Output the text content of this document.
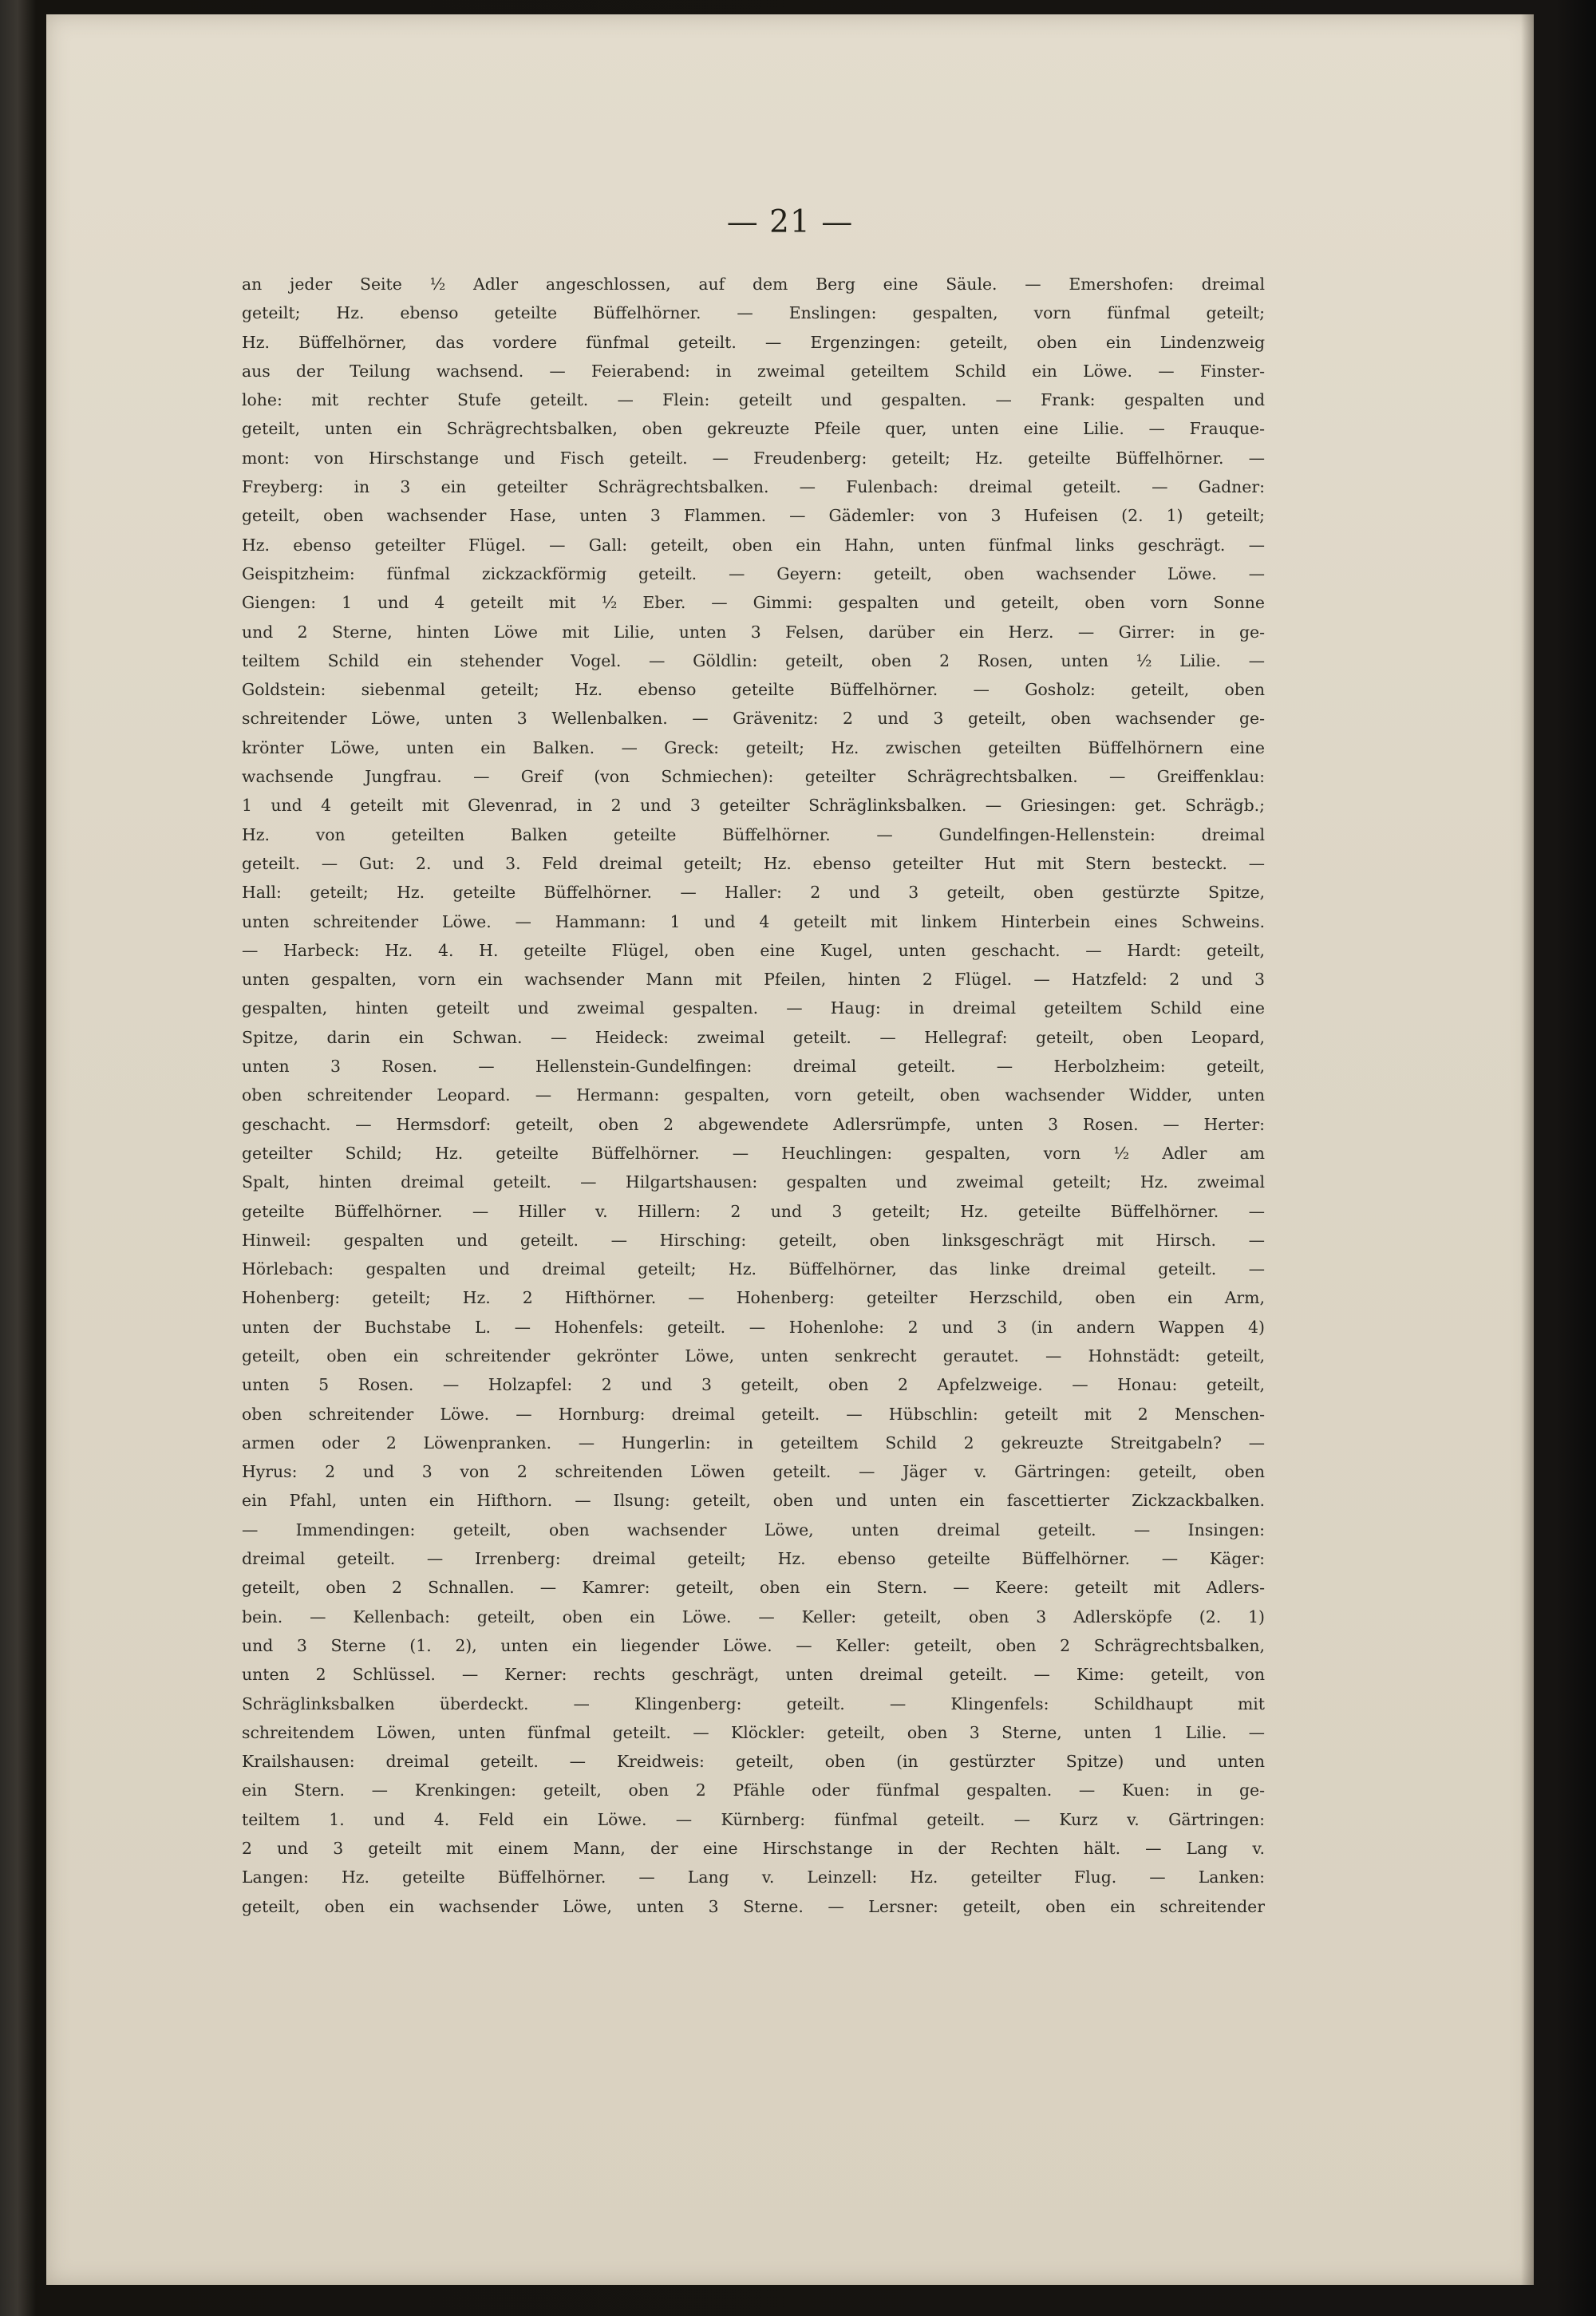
— 21 —
an jeder Seite ½ Adler angeschlossen, auf dem Berg eine Säule. — Emershofen: dreimal
geteilt; Hz. ebenso geteilte Büffelhörner. — Enslingen: gespalten, vorn fünfmal geteilt;
Hz. Büffelhörner, das vordere fünfmal geteilt. — Ergenzingen: geteilt, oben ein Lindenzweig
aus der Teilung wachsend. — Feierabend: in zweimal geteiltem Schild ein Löwe. — Finster-
lohe: mit rechter Stufe geteilt. — Flein: geteilt und gespalten. — Frank: gespalten und
geteilt, unten ein Schrägrechtsbalken, oben gekreuzte Pfeile quer, unten eine Lilie. — Frauque-
mont: von Hirschstange und Fisch geteilt. — Freudenberg: geteilt; Hz. geteilte Büffelhörner. —
Freyberg: in 3 ein geteilter Schrägrechtsbalken. — Fulenbach: dreimal geteilt. — Gadner:
geteilt, oben wachsender Hase, unten 3 Flammen. — Gädemler: von 3 Hufeisen (2. 1) geteilt;
Hz. ebenso geteilter Flügel. — Gall: geteilt, oben ein Hahn, unten fünfmal links geschrägt. —
Geispitzheim: fünfmal zickzackförmig geteilt. — Geyern: geteilt, oben wachsender Löwe. —
Giengen: 1 und 4 geteilt mit ½ Eber. — Gimmi: gespalten und geteilt, oben vorn Sonne
und 2 Sterne, hinten Löwe mit Lilie, unten 3 Felsen, darüber ein Herz. — Girrer: in ge-
teiltem Schild ein stehender Vogel. — Göldlin: geteilt, oben 2 Rosen, unten ½ Lilie. —
Goldstein: siebenmal geteilt; Hz. ebenso geteilte Büffelhörner. — Gosholz: geteilt, oben
schreitender Löwe, unten 3 Wellenbalken. — Grävenitz: 2 und 3 geteilt, oben wachsender ge-
krönter Löwe, unten ein Balken. — Greck: geteilt; Hz. zwischen geteilten Büffelhörnern eine
wachsende Jungfrau. — Greif (von Schmiechen): geteilter Schrägrechtsbalken. — Greiffenklau:
1 und 4 geteilt mit Glevenrad, in 2 und 3 geteilter Schräglinksbalken. — Griesingen: get. Schrägb.;
Hz. von geteilten Balken geteilte Büffelhörner. — Gundelfingen-Hellenstein: dreimal
geteilt. — Gut: 2. und 3. Feld dreimal geteilt; Hz. ebenso geteilter Hut mit Stern besteckt. —
Hall: geteilt; Hz. geteilte Büffelhörner. — Haller: 2 und 3 geteilt, oben gestürzte Spitze,
unten schreitender Löwe. — Hammann: 1 und 4 geteilt mit linkem Hinterbein eines Schweins.
— Harbeck: Hz. 4. H. geteilte Flügel, oben eine Kugel, unten geschacht. — Hardt: geteilt,
unten gespalten, vorn ein wachsender Mann mit Pfeilen, hinten 2 Flügel. — Hatzfeld: 2 und 3
gespalten, hinten geteilt und zweimal gespalten. — Haug: in dreimal geteiltem Schild eine
Spitze, darin ein Schwan. — Heideck: zweimal geteilt. — Hellegraf: geteilt, oben Leopard,
unten 3 Rosen. — Hellenstein-Gundelfingen: dreimal geteilt. — Herbolzheim: geteilt,
oben schreitender Leopard. — Hermann: gespalten, vorn geteilt, oben wachsender Widder, unten
geschacht. — Hermsdorf: geteilt, oben 2 abgewendete Adlersrümpfe, unten 3 Rosen. — Herter:
geteilter Schild; Hz. geteilte Büffelhörner. — Heuchlingen: gespalten, vorn ½ Adler am
Spalt, hinten dreimal geteilt. — Hilgartshausen: gespalten und zweimal geteilt; Hz. zweimal
geteilte Büffelhörner. — Hiller v. Hillern: 2 und 3 geteilt; Hz. geteilte Büffelhörner. —
Hinweil: gespalten und geteilt. — Hirsching: geteilt, oben linksgeschrägt mit Hirsch. —
Hörlebach: gespalten und dreimal geteilt; Hz. Büffelhörner, das linke dreimal geteilt. —
Hohenberg: geteilt; Hz. 2 Hifthörner. — Hohenberg: geteilter Herzschild, oben ein Arm,
unten der Buchstabe L. — Hohenfels: geteilt. — Hohenlohe: 2 und 3 (in andern Wappen 4)
geteilt, oben ein schreitender gekrönter Löwe, unten senkrecht gerautet. — Hohnstädt: geteilt,
unten 5 Rosen. — Holzapfel: 2 und 3 geteilt, oben 2 Apfelzweige. — Honau: geteilt,
oben schreitender Löwe. — Hornburg: dreimal geteilt. — Hübschlin: geteilt mit 2 Menschen-
armen oder 2 Löwenpranken. — Hungerlin: in geteiltem Schild 2 gekreuzte Streitgabeln? —
Hyrus: 2 und 3 von 2 schreitenden Löwen geteilt. — Jäger v. Gärtringen: geteilt, oben
ein Pfahl, unten ein Hifthorn. — Ilsung: geteilt, oben und unten ein fascettierter Zickzackbalken.
— Immendingen: geteilt, oben wachsender Löwe, unten dreimal geteilt. — Insingen:
dreimal geteilt. — Irrenberg: dreimal geteilt; Hz. ebenso geteilte Büffelhörner. — Käger:
geteilt, oben 2 Schnallen. — Kamrer: geteilt, oben ein Stern. — Keere: geteilt mit Adlers-
bein. — Kellenbach: geteilt, oben ein Löwe. — Keller: geteilt, oben 3 Adlersköpfe (2. 1)
und 3 Sterne (1. 2), unten ein liegender Löwe. — Keller: geteilt, oben 2 Schrägrechtsbalken,
unten 2 Schlüssel. — Kerner: rechts geschrägt, unten dreimal geteilt. — Kime: geteilt, von
Schräglinksbalken überdeckt. — Klingenberg: geteilt. — Klingenfels: Schildhaupt mit
schreitendem Löwen, unten fünfmal geteilt. — Klöckler: geteilt, oben 3 Sterne, unten 1 Lilie. —
Krailshausen: dreimal geteilt. — Kreidweis: geteilt, oben (in gestürzter Spitze) und unten
ein Stern. — Krenkingen: geteilt, oben 2 Pfähle oder fünfmal gespalten. — Kuen: in ge-
teiltem 1. und 4. Feld ein Löwe. — Kürnberg: fünfmal geteilt. — Kurz v. Gärtringen:
2 und 3 geteilt mit einem Mann, der eine Hirschstange in der Rechten hält. — Lang v.
Langen: Hz. geteilte Büffelhörner. — Lang v. Leinzell: Hz. geteilter Flug. — Lanken:
geteilt, oben ein wachsender Löwe, unten 3 Sterne. — Lersner: geteilt, oben ein schreitender
